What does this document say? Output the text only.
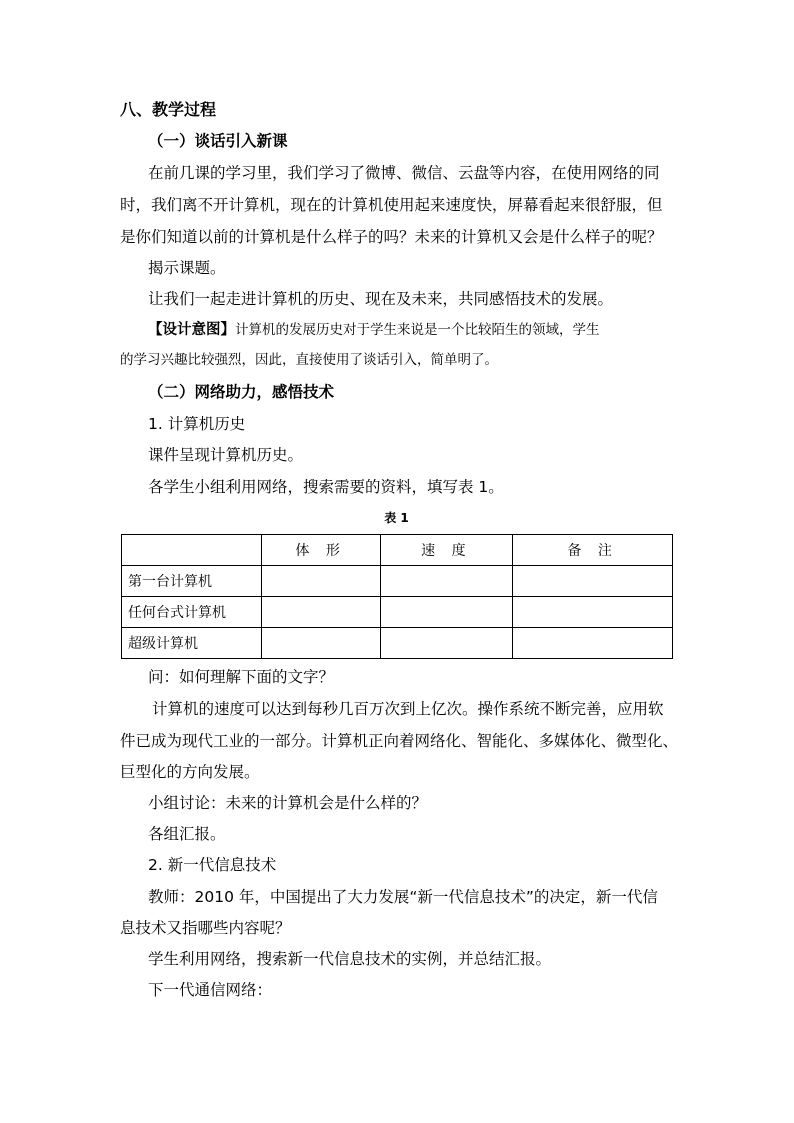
八、教学过程
（一）谈话引入新课
在前几课的学习里，我们学习了微博、微信、云盘等内容，在使用网络的同
时，我们离不开计算机，现在的计算机使用起来速度快，屏幕看起来很舒服，但
是你们知道以前的计算机是什么样子的吗？未来的计算机又会是什么样子的呢？
揭示课题。
让我们一起走进计算机的历史、现在及未来，共同感悟技术的发展。
【设计意图】计算机的发展历史对于学生来说是一个比较陌生的领域，学生
的学习兴趣比较强烈，因此，直接使用了谈话引入，简单明了。
（二）网络助力，感悟技术
1. 计算机历史
课件呈现计算机历史。
各学生小组利用网络，搜索需要的资料，填写表 1。
表 1
	体 形	速 度	备 注
第一台计算机			
任何台式计算机			
超级计算机			
问：如何理解下面的文字？
计算机的速度可以达到每秒几百万次到上亿次。操作系统不断完善，应用软
件已成为现代工业的一部分。计算机正向着网络化、智能化、多媒体化、微型化、
巨型化的方向发展。
小组讨论：未来的计算机会是什么样的？
各组汇报。
2. 新一代信息技术
教师：2010 年，中国提出了大力发展“新一代信息技术”的决定，新一代信
息技术又指哪些内容呢？
学生利用网络，搜索新一代信息技术的实例，并总结汇报。
下一代通信网络：
